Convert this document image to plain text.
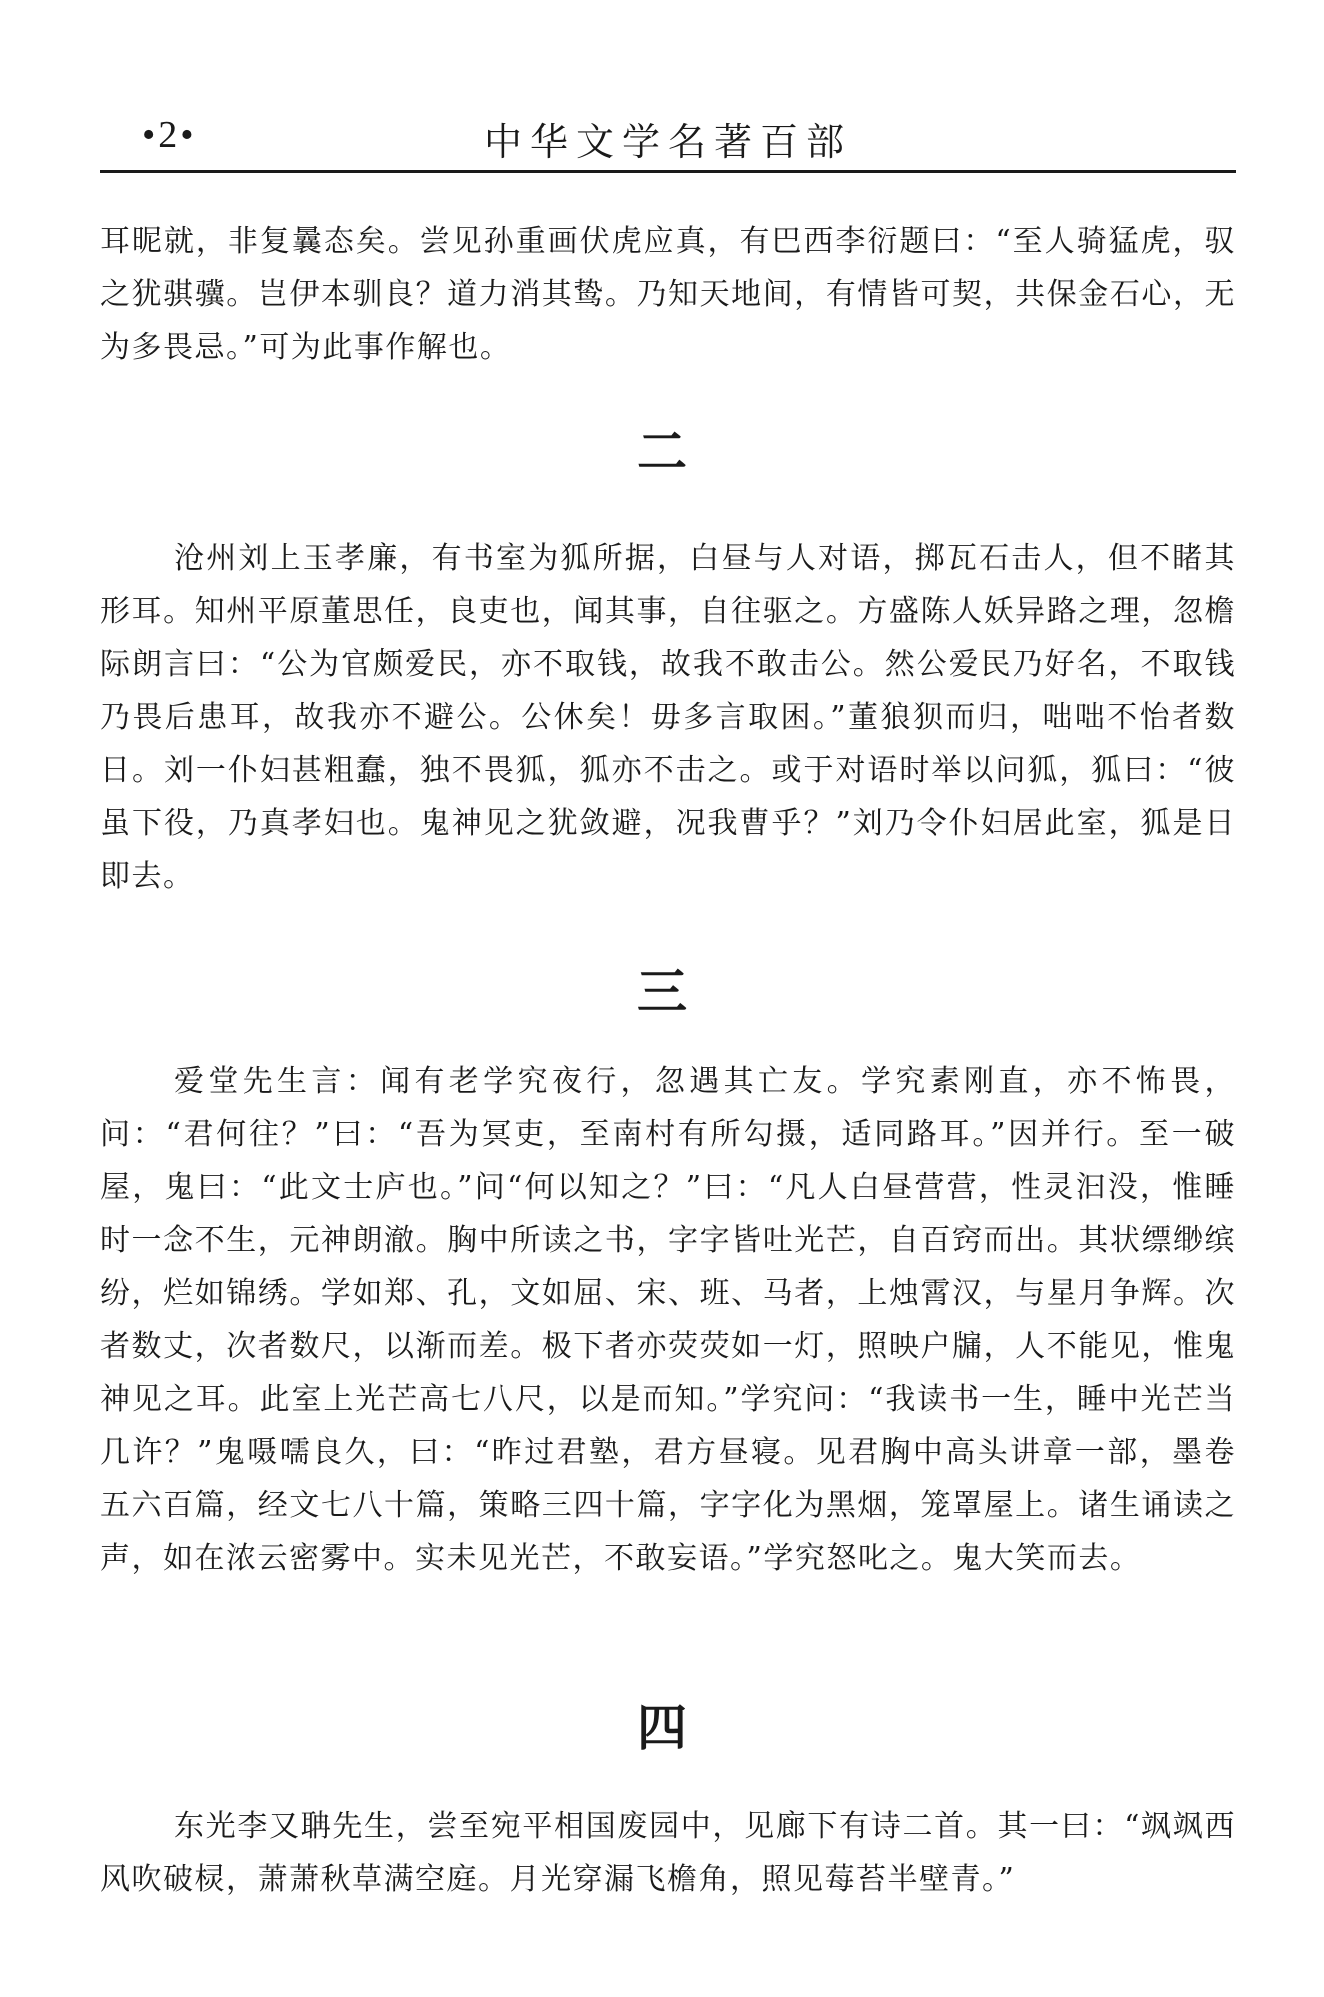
•2•	中华文学名著百部

耳昵就，非复曩态矣。尝见孙重画伏虎应真，有巴西李衍题曰：“至人骑猛虎，驭之犹骐骥。岂伊本驯良？道力消其鸷。乃知天地间，有情皆可契，共保金石心，无为多畏忌。”可为此事作解也。

二

沧州刘上玉孝廉，有书室为狐所据，白昼与人对语，掷瓦石击人，但不睹其形耳。知州平原董思任，良吏也，闻其事，自往驱之。方盛陈人妖异路之理，忽檐际朗言曰：“公为官颇爱民，亦不取钱，故我不敢击公。然公爱民乃好名，不取钱乃畏后患耳，故我亦不避公。公休矣！毋多言取困。”董狼狈而归，咄咄不怡者数日。刘一仆妇甚粗蠢，独不畏狐，狐亦不击之。或于对语时举以问狐，狐曰：“彼虽下役，乃真孝妇也。鬼神见之犹敛避，况我曹乎？”刘乃令仆妇居此室，狐是日即去。

三

爱堂先生言：闻有老学究夜行，忽遇其亡友。学究素刚直，亦不怖畏，问：“君何往？”曰：“吾为冥吏，至南村有所勾摄，适同路耳。”因并行。至一破屋，鬼曰：“此文士庐也。”问“何以知之？”曰：“凡人白昼营营，性灵汩没，惟睡时一念不生，元神朗澈。胸中所读之书，字字皆吐光芒，自百窍而出。其状缥缈缤纷，烂如锦绣。学如郑、孔，文如屈、宋、班、马者，上烛霄汉，与星月争辉。次者数丈，次者数尺，以渐而差。极下者亦荧荧如一灯，照映户牖，人不能见，惟鬼神见之耳。此室上光芒高七八尺，以是而知。”学究问：“我读书一生，睡中光芒当几许？”鬼嗫嚅良久，曰：“昨过君塾，君方昼寝。见君胸中高头讲章一部，墨卷五六百篇，经文七八十篇，策略三四十篇，字字化为黑烟，笼罩屋上。诸生诵读之声，如在浓云密雾中。实未见光芒，不敢妄语。”学究怒叱之。鬼大笑而去。

四

东光李又聃先生，尝至宛平相国废园中，见廊下有诗二首。其一曰：“飒飒西风吹破棂，萧萧秋草满空庭。月光穿漏飞檐角，照见莓苔半壁青。”
